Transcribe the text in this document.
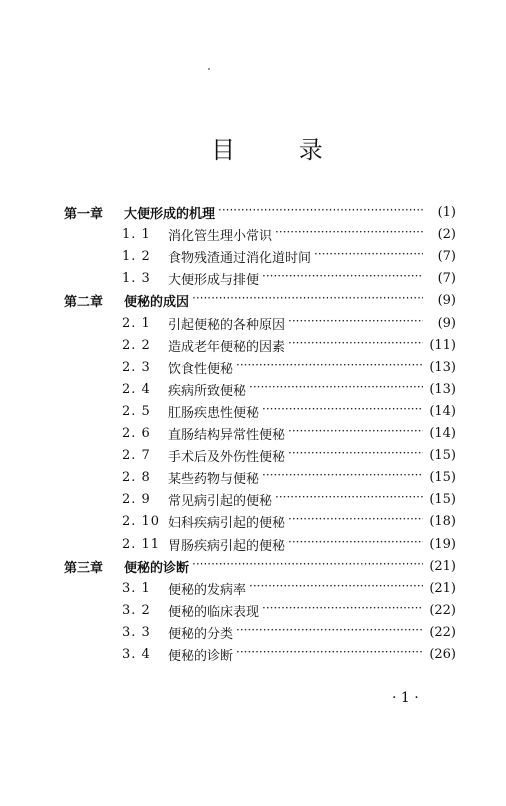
目 录
第一章	大便形成的机理 ·····	(1)
1. 1	消化管生理小常识 ·····	(2)
1. 2	食物残渣通过消化道时间 ·····	(7)
1. 3	大便形成与排便 ·····	(7)
第二章	便秘的成因 ·····	(9)
2. 1	引起便秘的各种原因 ·····	(9)
2. 2	造成老年便秘的因素 ·····	(11)
2. 3	饮食性便秘 ·····	(13)
2. 4	疾病所致便秘 ·····	(13)
2. 5	肛肠疾患性便秘 ·····	(14)
2. 6	直肠结构异常性便秘 ·····	(14)
2. 7	手术后及外伤性便秘 ·····	(15)
2. 8	某些药物与便秘 ·····	(15)
2. 9	常见病引起的便秘 ·····	(15)
2. 10 妇科疾病引起的便秘 ·····	(18)
2. 11 胃肠疾病引起的便秘 ·····	(19)
第三章	便秘的诊断 ·····	(21)
3. 1	便秘的发病率 ·····	(21)
3. 2	便秘的临床表现 ·····	(22)
3. 3	便秘的分类 ·····	(22)
3. 4	便秘的诊断 ·····	(26)
· 1 ·
